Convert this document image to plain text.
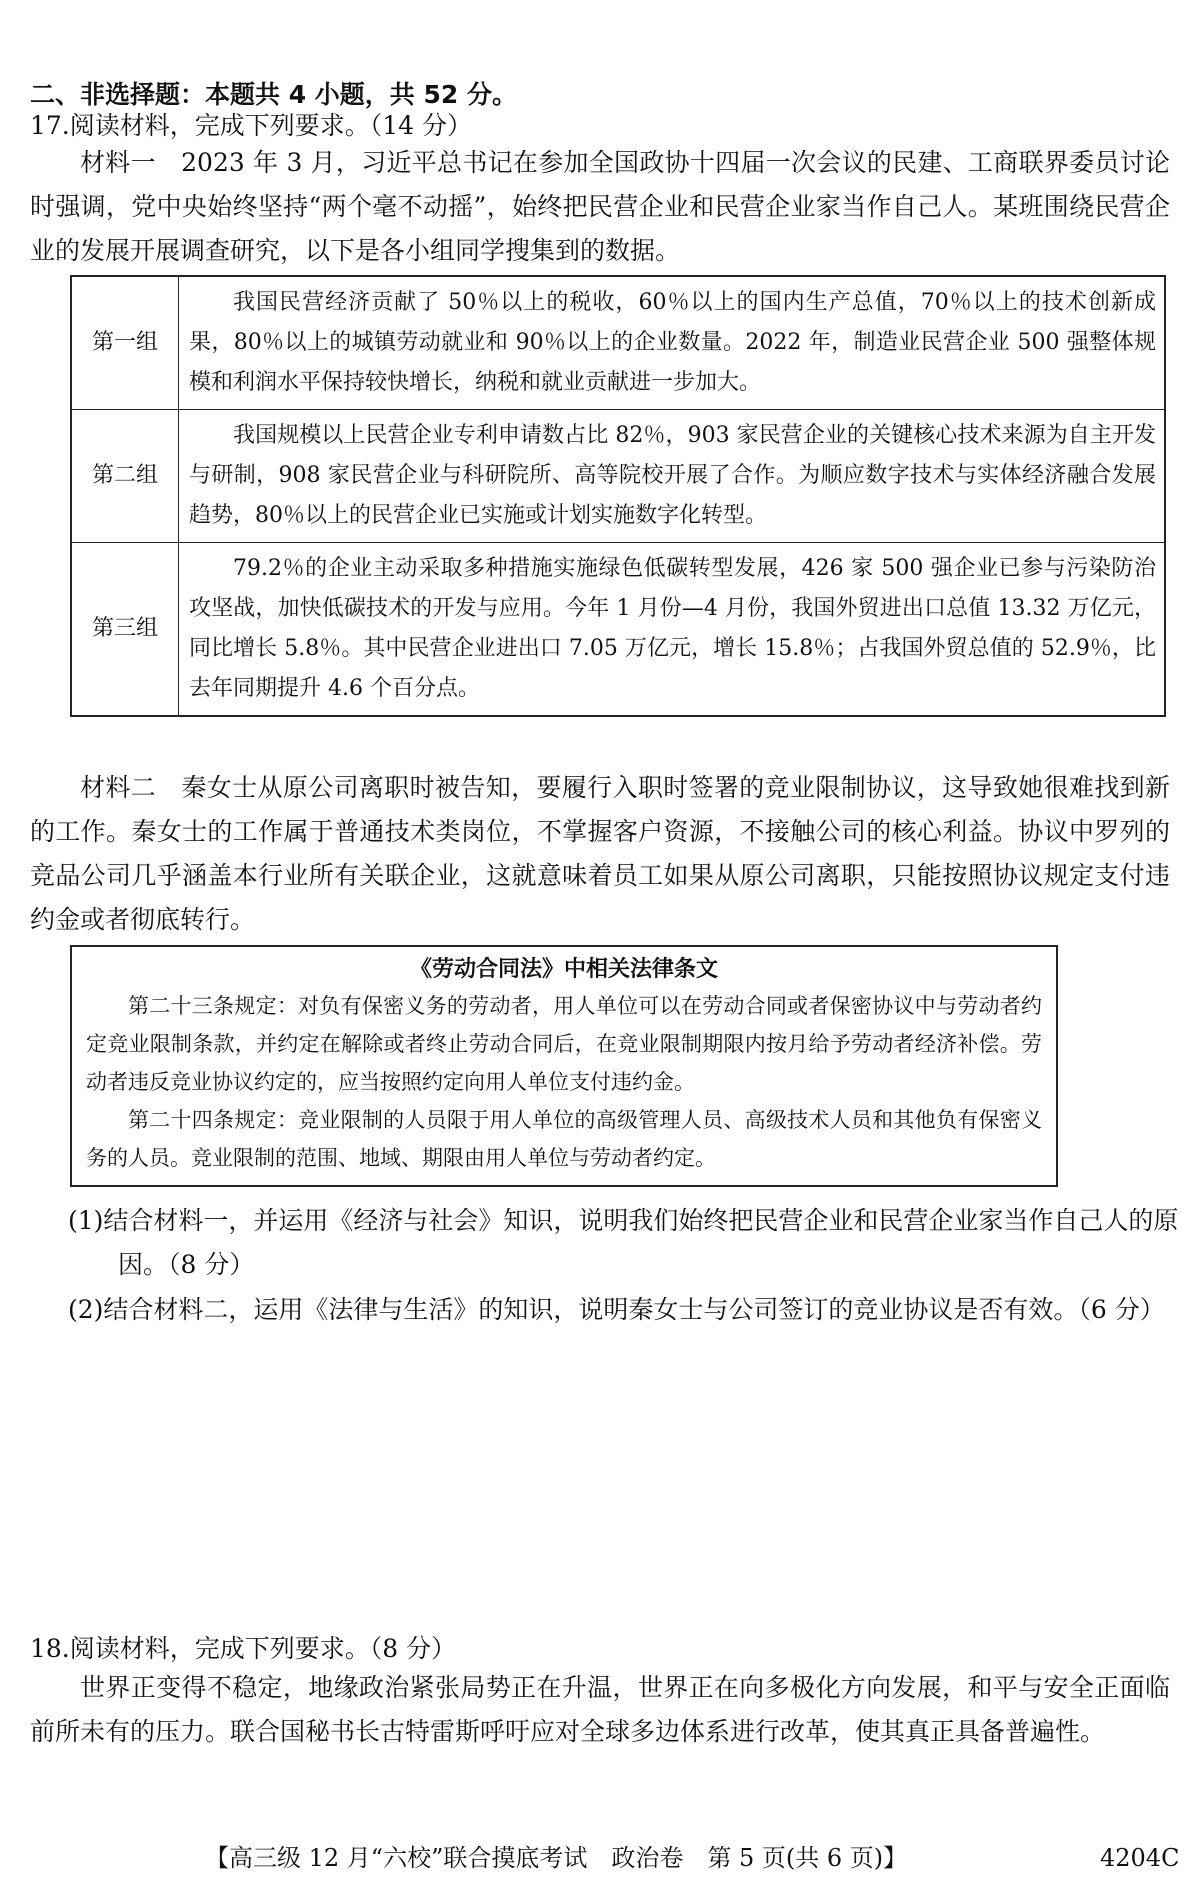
二、非选择题：本题共 4 小题，共 52 分。
17.阅读材料，完成下列要求。（14 分）
材料一　2023 年 3 月，习近平总书记在参加全国政协十四届一次会议的民建、工商联界委员讨论时强调，党中央始终坚持“两个毫不动摇”，始终把民营企业和民营企业家当作自己人。某班围绕民营企业的发展开展调查研究，以下是各小组同学搜集到的数据。
第一组	我国民营经济贡献了 50％以上的税收，60％以上的国内生产总值，70％以上的技术创新成果，80％以上的城镇劳动就业和 90％以上的企业数量。2022 年，制造业民营企业 500 强整体规模和利润水平保持较快增长，纳税和就业贡献进一步加大。
第二组	我国规模以上民营企业专利申请数占比 82％，903 家民营企业的关键核心技术来源为自主开发与研制，908 家民营企业与科研院所、高等院校开展了合作。为顺应数字技术与实体经济融合发展趋势，80％以上的民营企业已实施或计划实施数字化转型。
第三组	79.2％的企业主动采取多种措施实施绿色低碳转型发展，426 家 500 强企业已参与污染防治攻坚战，加快低碳技术的开发与应用。今年 1 月份—4 月份，我国外贸进出口总值 13.32 万亿元，同比增长 5.8％。其中民营企业进出口 7.05 万亿元，增长 15.8％；占我国外贸总值的 52.9％，比去年同期提升 4.6 个百分点。
材料二　秦女士从原公司离职时被告知，要履行入职时签署的竞业限制协议，这导致她很难找到新的工作。秦女士的工作属于普通技术类岗位，不掌握客户资源，不接触公司的核心利益。协议中罗列的竞品公司几乎涵盖本行业所有关联企业，这就意味着员工如果从原公司离职，只能按照协议规定支付违约金或者彻底转行。
《劳动合同法》中相关法律条文

第二十三条规定：对负有保密义务的劳动者，用人单位可以在劳动合同或者保密协议中与劳动者约定竞业限制条款，并约定在解除或者终止劳动合同后，在竞业限制期限内按月给予劳动者经济补偿。劳动者违反竞业协议约定的，应当按照约定向用人单位支付违约金。

第二十四条规定：竞业限制的人员限于用人单位的高级管理人员、高级技术人员和其他负有保密义务的人员。竞业限制的范围、地域、期限由用人单位与劳动者约定。

(1)结合材料一，并运用《经济与社会》知识，说明我们始终把民营企业和民营企业家当作自己人的原因。（8 分）
(2)结合材料二，运用《法律与生活》的知识，说明秦女士与公司签订的竞业协议是否有效。（6 分）
18.阅读材料，完成下列要求。（8 分）
世界正变得不稳定，地缘政治紧张局势正在升温，世界正在向多极化方向发展，和平与安全正面临前所未有的压力。联合国秘书长古特雷斯呼吁应对全球多边体系进行改革，使其真正具备普遍性。
【高三级 12 月“六校”联合摸底考试　政治卷　第 5 页(共 6 页)】	4204C
